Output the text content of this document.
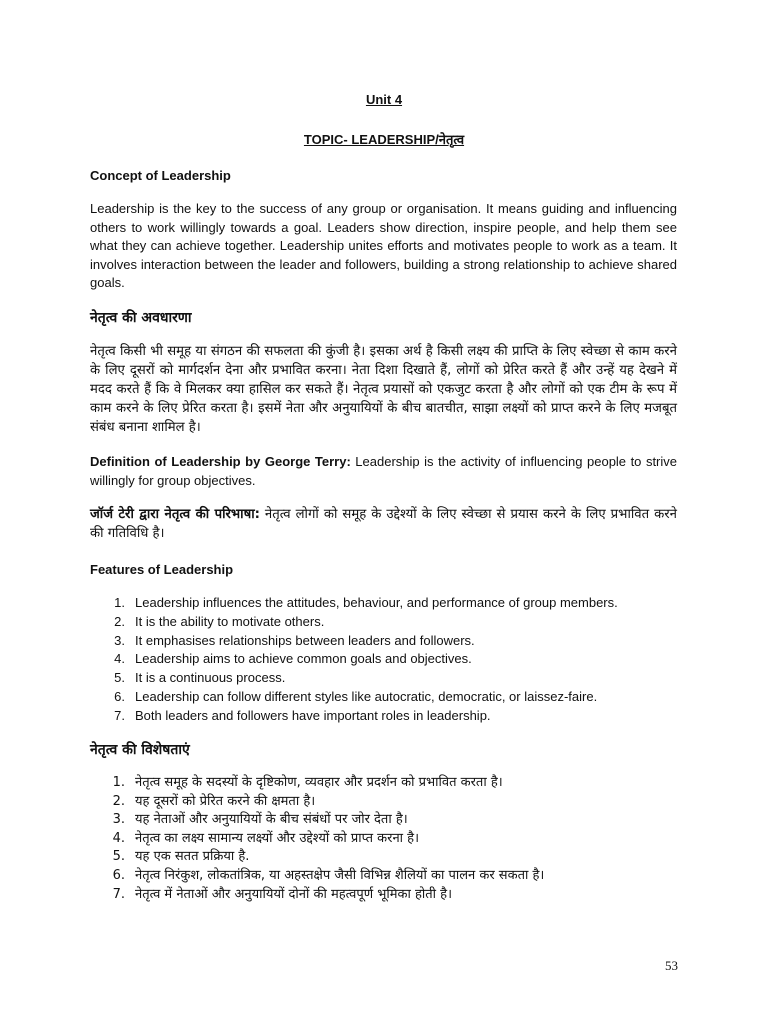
Unit 4
TOPIC- LEADERSHIP/नेतृत्व
Concept of Leadership
Leadership is the key to the success of any group or organisation. It means guiding and influencing others to work willingly towards a goal. Leaders show direction, inspire people, and help them see what they can achieve together. Leadership unites efforts and motivates people to work as a team. It involves interaction between the leader and followers, building a strong relationship to achieve shared goals.
नेतृत्व की अवधारणा
नेतृत्व किसी भी समूह या संगठन की सफलता की कुंजी है। इसका अर्थ है किसी लक्ष्य की प्राप्ति के लिए स्वेच्छा से काम करने के लिए दूसरों को मार्गदर्शन देना और प्रभावित करना। नेता दिशा दिखाते हैं, लोगों को प्रेरित करते हैं और उन्हें यह देखने में मदद करते हैं कि वे मिलकर क्या हासिल कर सकते हैं। नेतृत्व प्रयासों को एकजुट करता है और लोगों को एक टीम के रूप में काम करने के लिए प्रेरित करता है। इसमें नेता और अनुयायियों के बीच बातचीत, साझा लक्ष्यों को प्राप्त करने के लिए मजबूत संबंध बनाना शामिल है।
Definition of Leadership by George Terry: Leadership is the activity of influencing people to strive willingly for group objectives.
जॉर्ज टेरी द्वारा नेतृत्व की परिभाषा: नेतृत्व लोगों को समूह के उद्देश्यों के लिए स्वेच्छा से प्रयास करने के लिए प्रभावित करने की गतिविधि है।
Features of Leadership
1. Leadership influences the attitudes, behaviour, and performance of group members.
2. It is the ability to motivate others.
3. It emphasises relationships between leaders and followers.
4. Leadership aims to achieve common goals and objectives.
5. It is a continuous process.
6. Leadership can follow different styles like autocratic, democratic, or laissez-faire.
7. Both leaders and followers have important roles in leadership.
नेतृत्व की विशेषताएं
1. नेतृत्व समूह के सदस्यों के दृष्टिकोण, व्यवहार और प्रदर्शन को प्रभावित करता है।
2. यह दूसरों को प्रेरित करने की क्षमता है।
3. यह नेताओं और अनुयायियों के बीच संबंधों पर जोर देता है।
4. नेतृत्व का लक्ष्य सामान्य लक्ष्यों और उद्देश्यों को प्राप्त करना है।
5. यह एक सतत प्रक्रिया है.
6. नेतृत्व निरंकुश, लोकतांत्रिक, या अहस्तक्षेप जैसी विभिन्न शैलियों का पालन कर सकता है।
7. नेतृत्व में नेताओं और अनुयायियों दोनों की महत्वपूर्ण भूमिका होती है।
53
